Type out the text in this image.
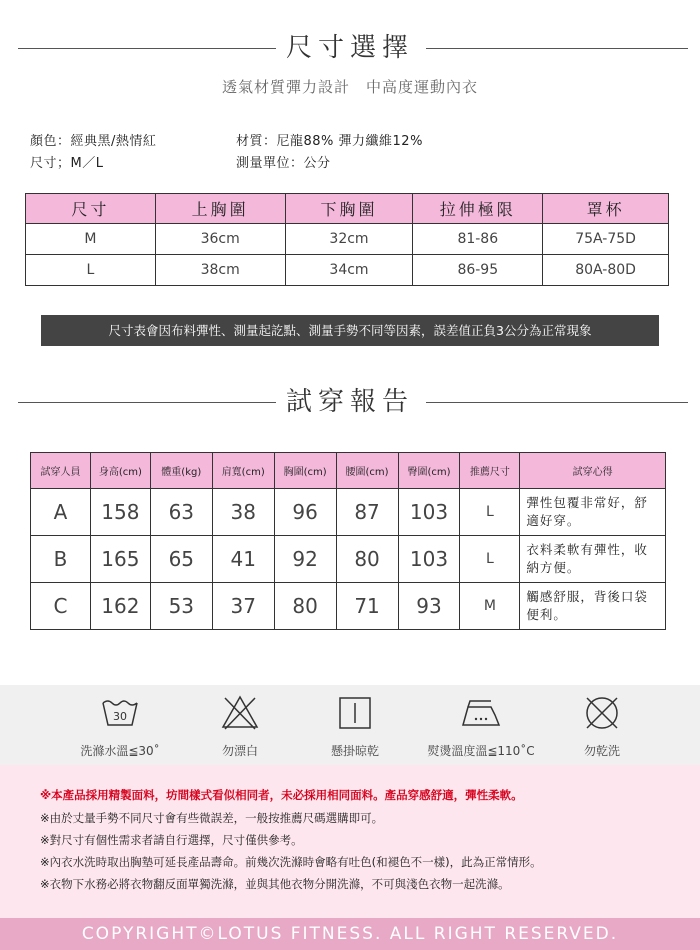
尺寸選擇
透氣材質彈力設計　中高度運動內衣
顏色：經典黑/熱情紅
尺寸；M／L
材質：尼龍88% 彈力纖維12%
測量單位：公分
尺寸	上胸圍	下胸圍	拉伸極限	罩杯
M	36cm	32cm	81-86	75A-75D
L	38cm	34cm	86-95	80A-80D
尺寸表會因布料彈性、測量起訖點、測量手勢不同等因素，誤差值正負3公分為正常現象
試穿報告
試穿人員	身高(cm)	體重(kg)	肩寬(cm)	胸圍(cm)	腰圍(cm)	臀圍(cm)	推薦尺寸	試穿心得
A	158	63	38	96	87	103	L	彈性包覆非常好，舒適好穿。
B	165	65	41	92	80	103	L	衣料柔軟有彈性，收納方便。
C	162	53	37	80	71	93	M	觸感舒服，背後口袋便利。
30
洗滌水溫≦30˚	勿漂白	懸掛晾乾	熨燙溫度溫≦110˚C	勿乾洗
※本產品採用精製面料，坊間樣式看似相同者，未必採用相同面料。產品穿感舒適，彈性柔軟。
※由於丈量手勢不同尺寸會有些微誤差，一般按推薦尺碼選購即可。
※對尺寸有個性需求者請自行選擇，尺寸僅供參考。
※內衣水洗時取出胸墊可延長產品壽命。前幾次洗滌時會略有吐色(和褪色不一樣)，此為正常情形。
※衣物下水務必將衣物翻反面單獨洗滌，並與其他衣物分開洗滌，不可與淺色衣物一起洗滌。
COPYRIGHT©LOTUS FITNESS. ALL RIGHT RESERVED.
